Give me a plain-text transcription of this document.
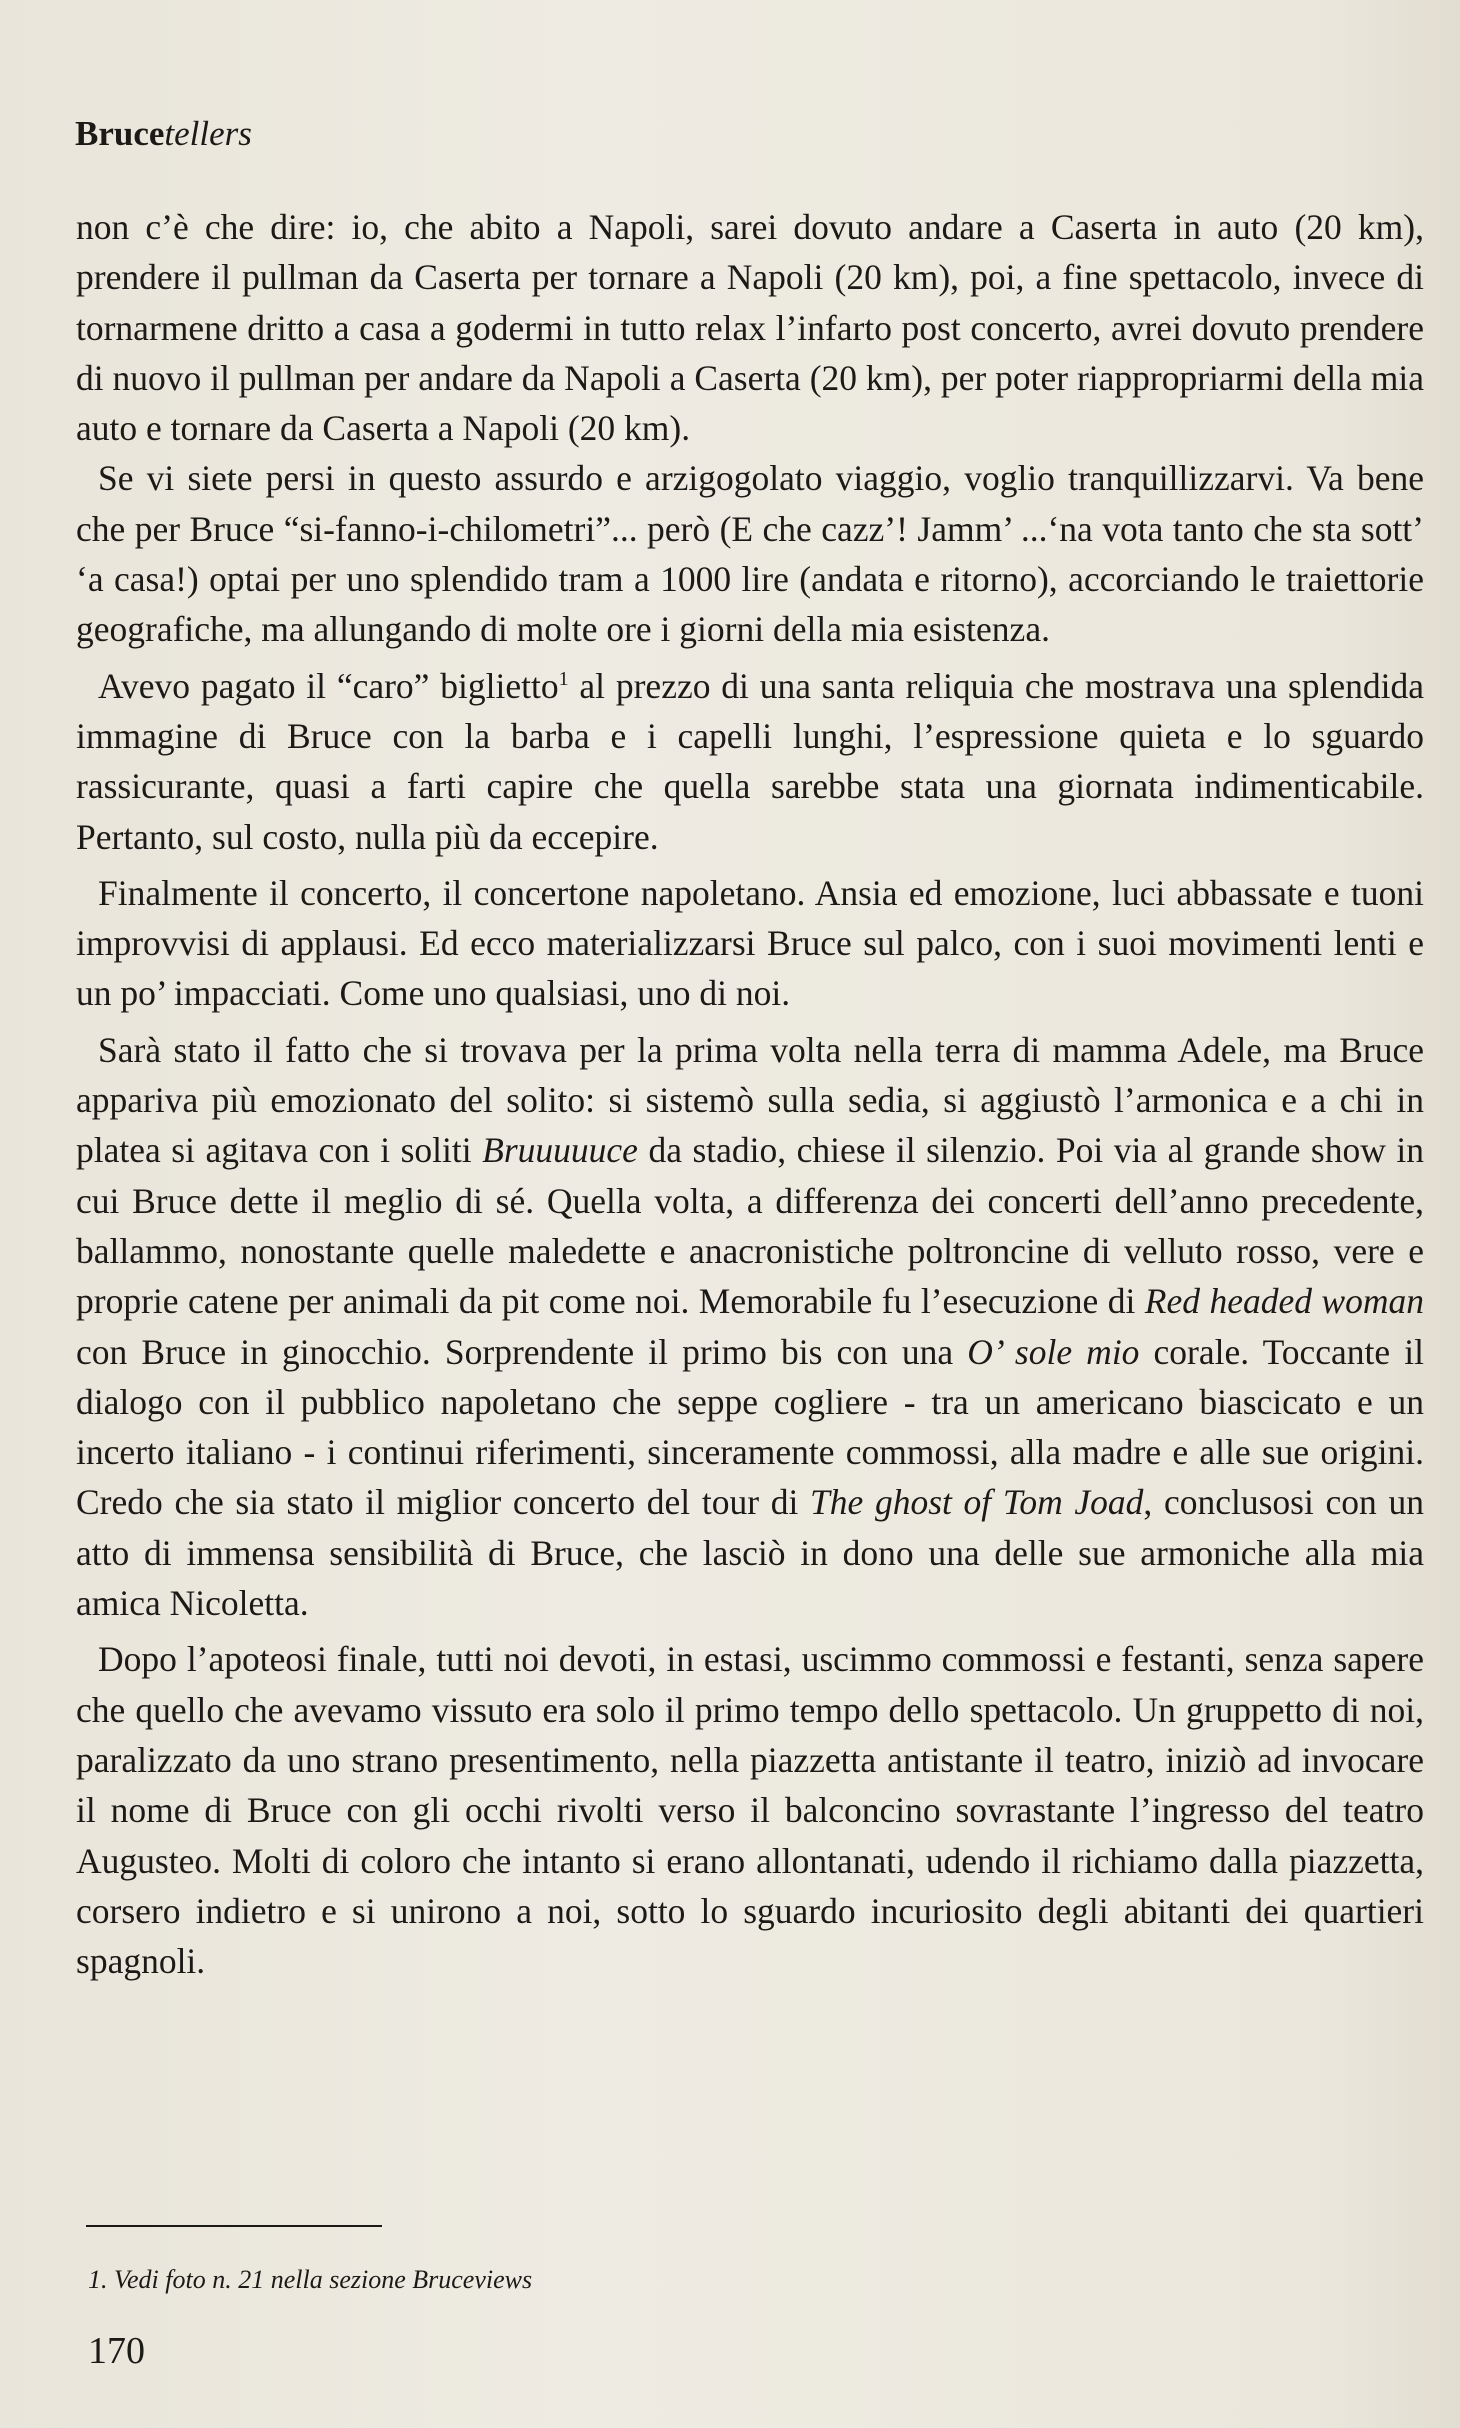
Brucetellers

non c’è che dire: io, che abito a Napoli, sarei dovuto andare a Caserta in auto (20 km), prendere il pullman da Caserta per tornare a Napoli (20 km), poi, a fine spettacolo, invece di tornarmene dritto a casa a godermi in tutto relax l’infarto post concerto, avrei dovuto prendere di nuovo il pullman per andare da Napoli a Caserta (20 km), per poter riappropriarmi della mia auto e tornare da Caserta a Napoli (20 km).

Se vi siete persi in questo assurdo e arzigogolato viaggio, voglio tranquillizzarvi. Va bene che per Bruce “si-fanno-i-chilometri”... però (E che cazz’! Jamm’ ...‘na vota tanto che sta sott’ ‘a casa!) optai per uno splendido tram a 1000 lire (andata e ritorno), accorciando le traiettorie geografiche, ma allungando di molte ore i giorni della mia esistenza.

Avevo pagato il “caro” biglietto$^1$ al prezzo di una santa reliquia che mostrava una splendida immagine di Bruce con la barba e i capelli lunghi, l’espressione quieta e lo sguardo rassicurante, quasi a farti capire che quella sarebbe stata una giornata indimenticabile. Pertanto, sul costo, nulla più da eccepire.

Finalmente il concerto, il concertone napoletano. Ansia ed emozione, luci abbassate e tuoni improvvisi di applausi. Ed ecco materializzarsi Bruce sul palco, con i suoi movimenti lenti e un po’ impacciati. Come uno qualsiasi, uno di noi.

Sarà stato il fatto che si trovava per la prima volta nella terra di mamma Adele, ma Bruce appariva più emozionato del solito: si sistemò sulla sedia, si aggiustò l’armonica e a chi in platea si agitava con i soliti Bruuuuuce da stadio, chiese il silenzio. Poi via al grande show in cui Bruce dette il meglio di sé. Quella volta, a differenza dei concerti dell’anno precedente, ballammo, nonostante quelle maledette e anacronistiche poltroncine di velluto rosso, vere e proprie catene per animali da pit come noi. Memorabile fu l’esecuzione di Red headed woman con Bruce in ginocchio. Sorprendente il primo bis con una O’ sole mio corale. Toccante il dialogo con il pubblico napoletano che seppe cogliere - tra un americano biascicato e un incerto italiano - i continui riferimenti, sinceramente commossi, alla madre e alle sue origini. Credo che sia stato il miglior concerto del tour di The ghost of Tom Joad, conclusosi con un atto di immensa sensibilità di Bruce, che lasciò in dono una delle sue armoniche alla mia amica Nicoletta.

Dopo l’apoteosi finale, tutti noi devoti, in estasi, uscimmo commossi e festanti, senza sapere che quello che avevamo vissuto era solo il primo tempo dello spettacolo. Un gruppetto di noi, paralizzato da uno strano presentimento, nella piazzetta antistante il teatro, iniziò ad invocare il nome di Bruce con gli occhi rivolti verso il balconcino sovrastante l’ingresso del teatro Augusteo. Molti di coloro che intanto si erano allontanati, udendo il richiamo dalla piazzetta, corsero indietro e si unirono a noi, sotto lo sguardo incuriosito degli abitanti dei quartieri spagnoli.

1. Vedi foto n. 21 nella sezione Bruceviews
170
